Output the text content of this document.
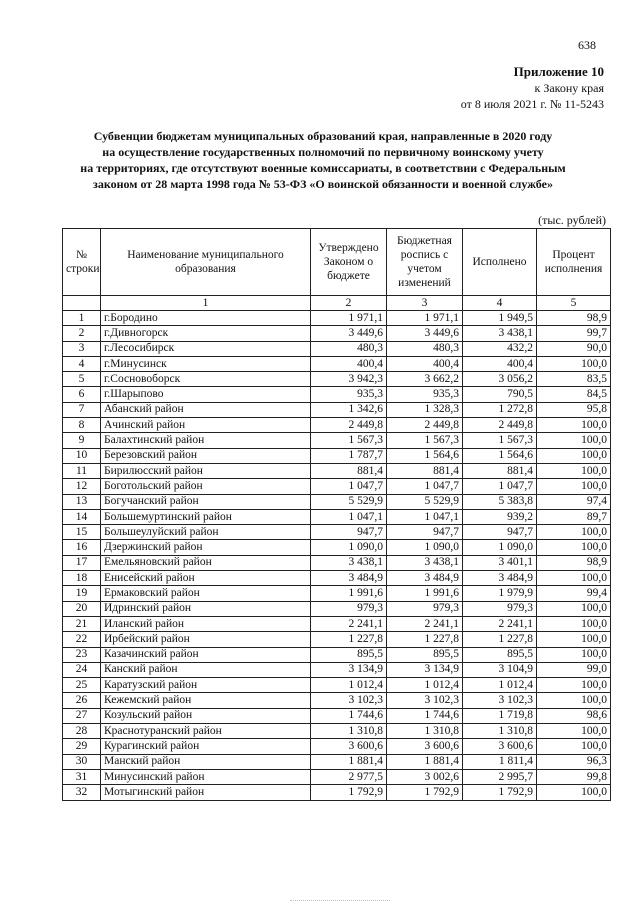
638
Приложение 10
к Закону края
от 8 июля 2021 г. № 11-5243
Субвенции бюджетам муниципальных образований края, направленные в 2020 году
на осуществление государственных полномочий по первичному воинскому учету
на территориях, где отсутствуют военные комиссариаты, в соответствии с Федеральным
законом от 28 марта 1998 года № 53-ФЗ «О воинской обязанности и военной службе»
(тыс. рублей)
№ строки	Наименование муниципального образования	Утверждено Законом о бюджете	Бюджетная роспись с учетом изменений	Исполнено	Процент исполнения
	1	2	3	4	5
1	г.Бородино	1 971,1	1 971,1	1 949,5	98,9
2	г.Дивногорск	3 449,6	3 449,6	3 438,1	99,7
3	г.Лесосибирск	480,3	480,3	432,2	90,0
4	г.Минусинск	400,4	400,4	400,4	100,0
5	г.Сосновоборск	3 942,3	3 662,2	3 056,2	83,5
6	г.Шарыпово	935,3	935,3	790,5	84,5
7	Абанский район	1 342,6	1 328,3	1 272,8	95,8
8	Ачинский район	2 449,8	2 449,8	2 449,8	100,0
9	Балахтинский район	1 567,3	1 567,3	1 567,3	100,0
10	Березовский район	1 787,7	1 564,6	1 564,6	100,0
11	Бирилюсский район	881,4	881,4	881,4	100,0
12	Боготольский район	1 047,7	1 047,7	1 047,7	100,0
13	Богучанский район	5 529,9	5 529,9	5 383,8	97,4
14	Большемуртинский район	1 047,1	1 047,1	939,2	89,7
15	Большеулуйский район	947,7	947,7	947,7	100,0
16	Дзержинский район	1 090,0	1 090,0	1 090,0	100,0
17	Емельяновский район	3 438,1	3 438,1	3 401,1	98,9
18	Енисейский район	3 484,9	3 484,9	3 484,9	100,0
19	Ермаковский район	1 991,6	1 991,6	1 979,9	99,4
20	Идринский район	979,3	979,3	979,3	100,0
21	Иланский район	2 241,1	2 241,1	2 241,1	100,0
22	Ирбейский район	1 227,8	1 227,8	1 227,8	100,0
23	Казачинский район	895,5	895,5	895,5	100,0
24	Канский район	3 134,9	3 134,9	3 104,9	99,0
25	Каратузский район	1 012,4	1 012,4	1 012,4	100,0
26	Кежемский район	3 102,3	3 102,3	3 102,3	100,0
27	Козульский район	1 744,6	1 744,6	1 719,8	98,6
28	Краснотуранский район	1 310,8	1 310,8	1 310,8	100,0
29	Курагинский район	3 600,6	3 600,6	3 600,6	100,0
30	Манский район	1 881,4	1 881,4	1 811,4	96,3
31	Минусинский район	2 977,5	3 002,6	2 995,7	99,8
32	Мотыгинский район	1 792,9	1 792,9	1 792,9	100,0
